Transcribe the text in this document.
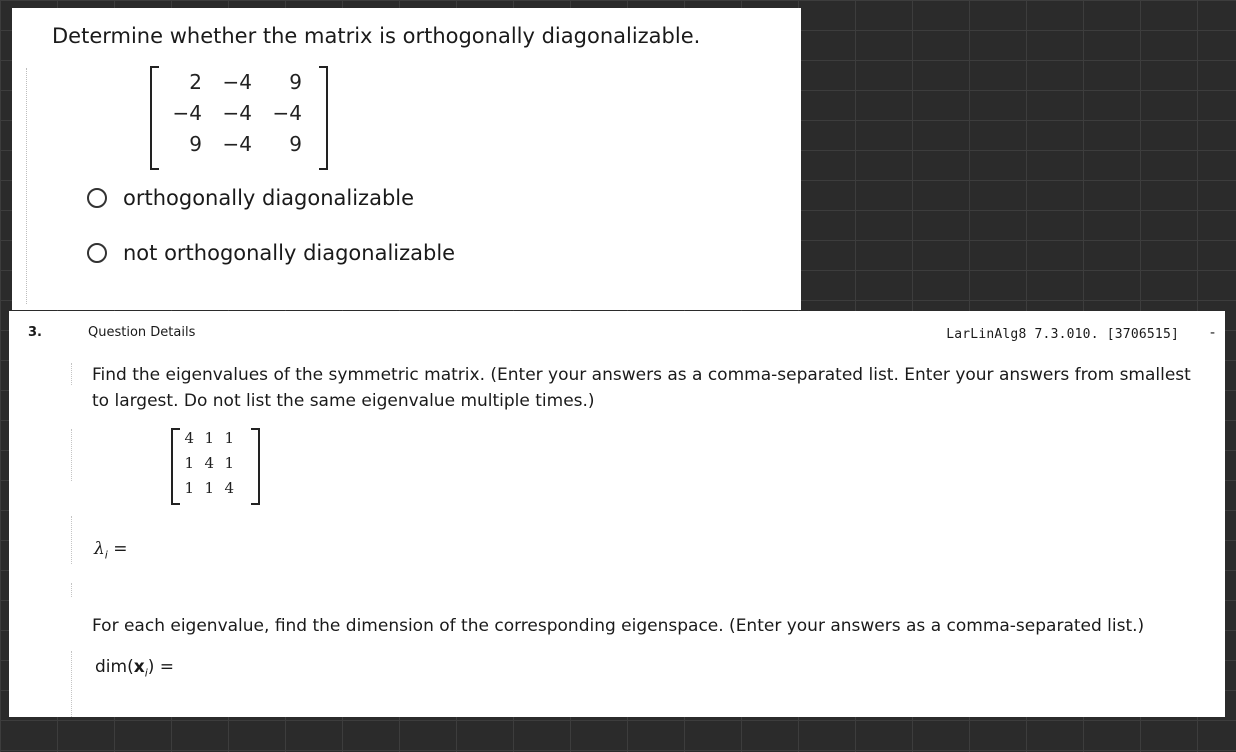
Determine whether the matrix is orthogonally diagonalizable.
2	−4	9
−4	−4	−4
9	−4	9
orthogonally diagonalizable
not orthogonally diagonalizable
3.	Question Details	LarLinAlg8 7.3.010. [3706515] -
Find the eigenvalues of the symmetric matrix. (Enter your answers as a comma-separated list. Enter your answers from smallest to largest. Do not list the same eigenvalue multiple times.)
4 1 1
1 4 1
1 1 4
$\lambda_i$ =
For each eigenvalue, find the dimension of the corresponding eigenspace. (Enter your answers as a comma-separated list.)
$dim(x_i)$ =
